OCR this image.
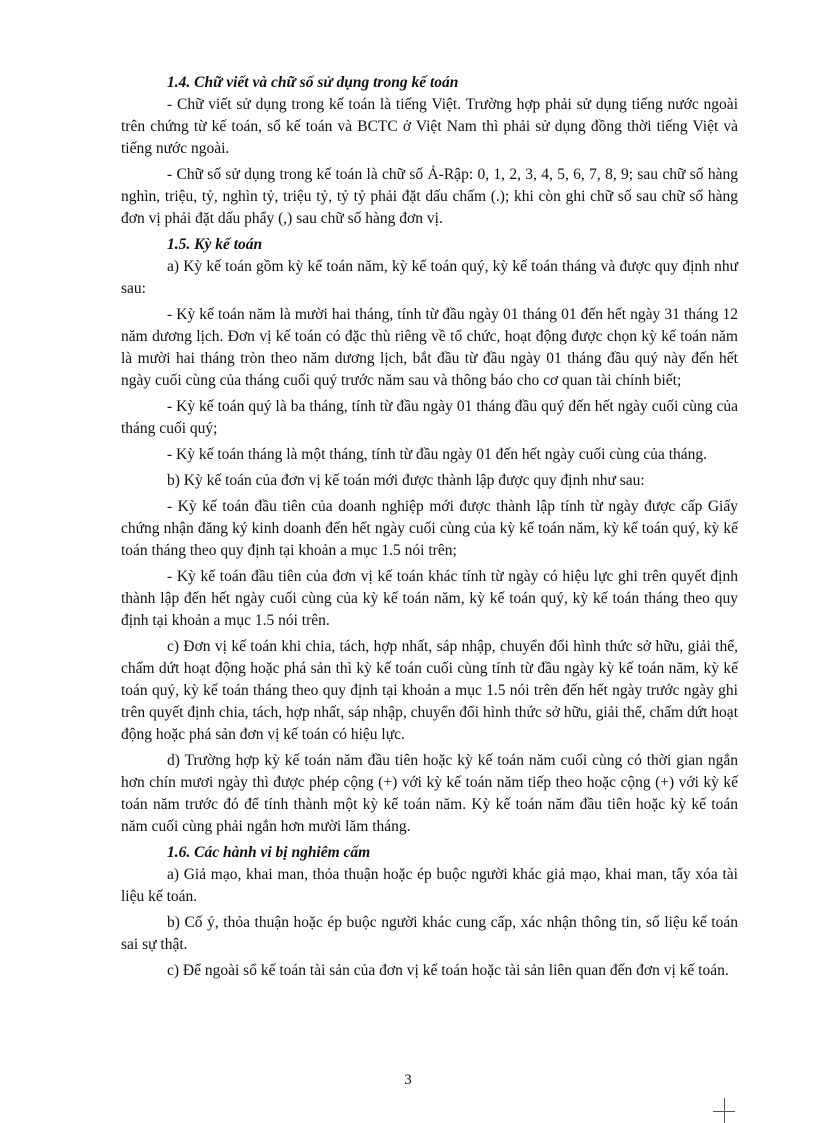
1.4. Chữ viết và chữ số sử dụng trong kế toán

- Chữ viết sử dụng trong kế toán là tiếng Việt. Trường hợp phải sử dụng tiếng nước ngoài trên chứng từ kế toán, sổ kế toán và BCTC ở Việt Nam thì phải sử dụng đồng thời tiếng Việt và tiếng nước ngoài.

- Chữ số sử dụng trong kế toán là chữ số Ả-Rập: 0, 1, 2, 3, 4, 5, 6, 7, 8, 9; sau chữ số hàng nghìn, triệu, tỷ, nghìn tỷ, triệu tỷ, tỷ tỷ phải đặt dấu chấm (.); khi còn ghi chữ số sau chữ số hàng đơn vị phải đặt dấu phẩy (,) sau chữ số hàng đơn vị.

1.5. Kỳ kế toán

a) Kỳ kế toán gồm kỳ kế toán năm, kỳ kế toán quý, kỳ kế toán tháng và được quy định như sau:

- Kỳ kế toán năm là mười hai tháng, tính từ đầu ngày 01 tháng 01 đến hết ngày 31 tháng 12 năm dương lịch. Đơn vị kế toán có đặc thù riêng về tổ chức, hoạt động được chọn kỳ kế toán năm là mười hai tháng tròn theo năm dương lịch, bắt đầu từ đầu ngày 01 tháng đầu quý này đến hết ngày cuối cùng của tháng cuối quý trước năm sau và thông báo cho cơ quan tài chính biết;

- Kỳ kế toán quý là ba tháng, tính từ đầu ngày 01 tháng đầu quý đến hết ngày cuối cùng của tháng cuối quý;

- Kỳ kế toán tháng là một tháng, tính từ đầu ngày 01 đến hết ngày cuối cùng của tháng.

b) Kỳ kế toán của đơn vị kế toán mới được thành lập được quy định như sau:

- Kỳ kế toán đầu tiên của doanh nghiệp mới được thành lập tính từ ngày được cấp Giấy chứng nhận đăng ký kinh doanh đến hết ngày cuối cùng của kỳ kế toán năm, kỳ kế toán quý, kỳ kế toán tháng theo quy định tại khoản a mục 1.5 nói trên;

- Kỳ kế toán đầu tiên của đơn vị kế toán khác tính từ ngày có hiệu lực ghi trên quyết định thành lập đến hết ngày cuối cùng của kỳ kế toán năm, kỳ kế toán quý, kỳ kế toán tháng theo quy định tại khoản a mục 1.5 nói trên.

c) Đơn vị kế toán khi chia, tách, hợp nhất, sáp nhập, chuyển đổi hình thức sở hữu, giải thể, chấm dứt hoạt động hoặc phá sản thì kỳ kế toán cuối cùng tính từ đầu ngày kỳ kế toán năm, kỳ kế toán quý, kỳ kế toán tháng theo quy định tại khoản a mục 1.5 nói trên đến hết ngày trước ngày ghi trên quyết định chia, tách, hợp nhất, sáp nhập, chuyển đổi hình thức sở hữu, giải thể, chấm dứt hoạt động hoặc phá sản đơn vị kế toán có hiệu lực.

d) Trường hợp kỳ kế toán năm đầu tiên hoặc kỳ kế toán năm cuối cùng có thời gian ngắn hơn chín mươi ngày thì được phép cộng (+) với kỳ kế toán năm tiếp theo hoặc cộng (+) với kỳ kế toán năm trước đó để tính thành một kỳ kế toán năm. Kỳ kế toán năm đầu tiên hoặc kỳ kế toán năm cuối cùng phải ngắn hơn mười lăm tháng.

1.6. Các hành vi bị nghiêm cấm

a) Giả mạo, khai man, thỏa thuận hoặc ép buộc người khác giả mạo, khai man, tẩy xóa tài liệu kế toán.

b) Cố ý, thỏa thuận hoặc ép buộc người khác cung cấp, xác nhận thông tin, số liệu kế toán sai sự thật.

c) Để ngoài sổ kế toán tài sản của đơn vị kế toán hoặc tài sản liên quan đến đơn vị kế toán.

3
